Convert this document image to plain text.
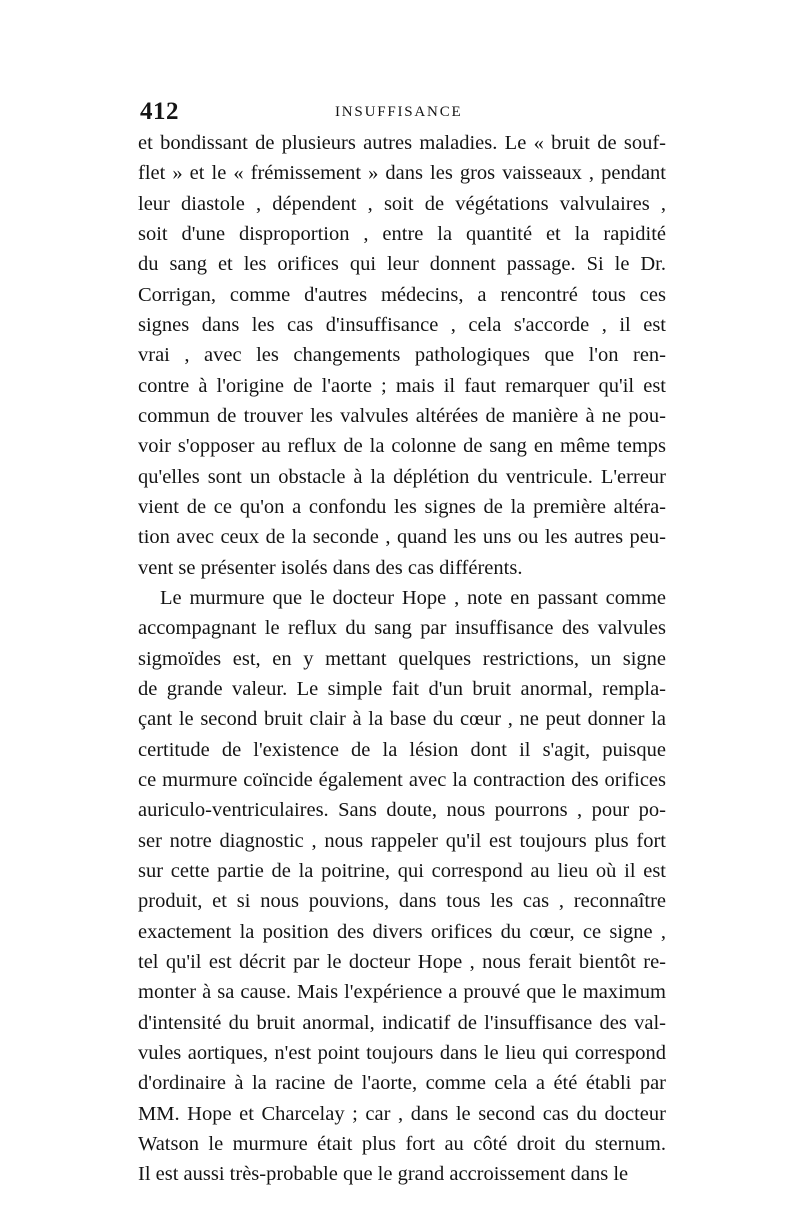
412	INSUFFISANCE
et bondissant de plusieurs autres maladies. Le « bruit de souf-
flet » et le « frémissement » dans les gros vaisseaux , pendant
leur diastole , dépendent , soit de végétations valvulaires ,
soit d'une disproportion , entre la quantité et la rapidité
du sang et les orifices qui leur donnent passage. Si le Dr.
Corrigan, comme d'autres médecins, a rencontré tous ces
signes dans les cas d'insuffisance , cela s'accorde , il est
vrai , avec les changements pathologiques que l'on ren-
contre à l'origine de l'aorte ; mais il faut remarquer qu'il est
commun de trouver les valvules altérées de manière à ne pou-
voir s'opposer au reflux de la colonne de sang en même temps
qu'elles sont un obstacle à la déplétion du ventricule. L'erreur
vient de ce qu'on a confondu les signes de la première altéra-
tion avec ceux de la seconde , quand les uns ou les autres peu-
vent se présenter isolés dans des cas différents.
Le murmure que le docteur Hope , note en passant comme
accompagnant le reflux du sang par insuffisance des valvules
sigmoïdes est, en y mettant quelques restrictions, un signe
de grande valeur. Le simple fait d'un bruit anormal, rempla-
çant le second bruit clair à la base du cœur , ne peut donner la
certitude de l'existence de la lésion dont il s'agit, puisque
ce murmure coïncide également avec la contraction des orifices
auriculo-ventriculaires. Sans doute, nous pourrons , pour po-
ser notre diagnostic , nous rappeler qu'il est toujours plus fort
sur cette partie de la poitrine, qui correspond au lieu où il est
produit, et si nous pouvions, dans tous les cas , reconnaître
exactement la position des divers orifices du cœur, ce signe ,
tel qu'il est décrit par le docteur Hope , nous ferait bientôt re-
monter à sa cause. Mais l'expérience a prouvé que le maximum
d'intensité du bruit anormal, indicatif de l'insuffisance des val-
vules aortiques, n'est point toujours dans le lieu qui correspond
d'ordinaire à la racine de l'aorte, comme cela a été établi par
MM. Hope et Charcelay ; car , dans le second cas du docteur
Watson le murmure était plus fort au côté droit du sternum.
Il est aussi très-probable que le grand accroissement dans le
